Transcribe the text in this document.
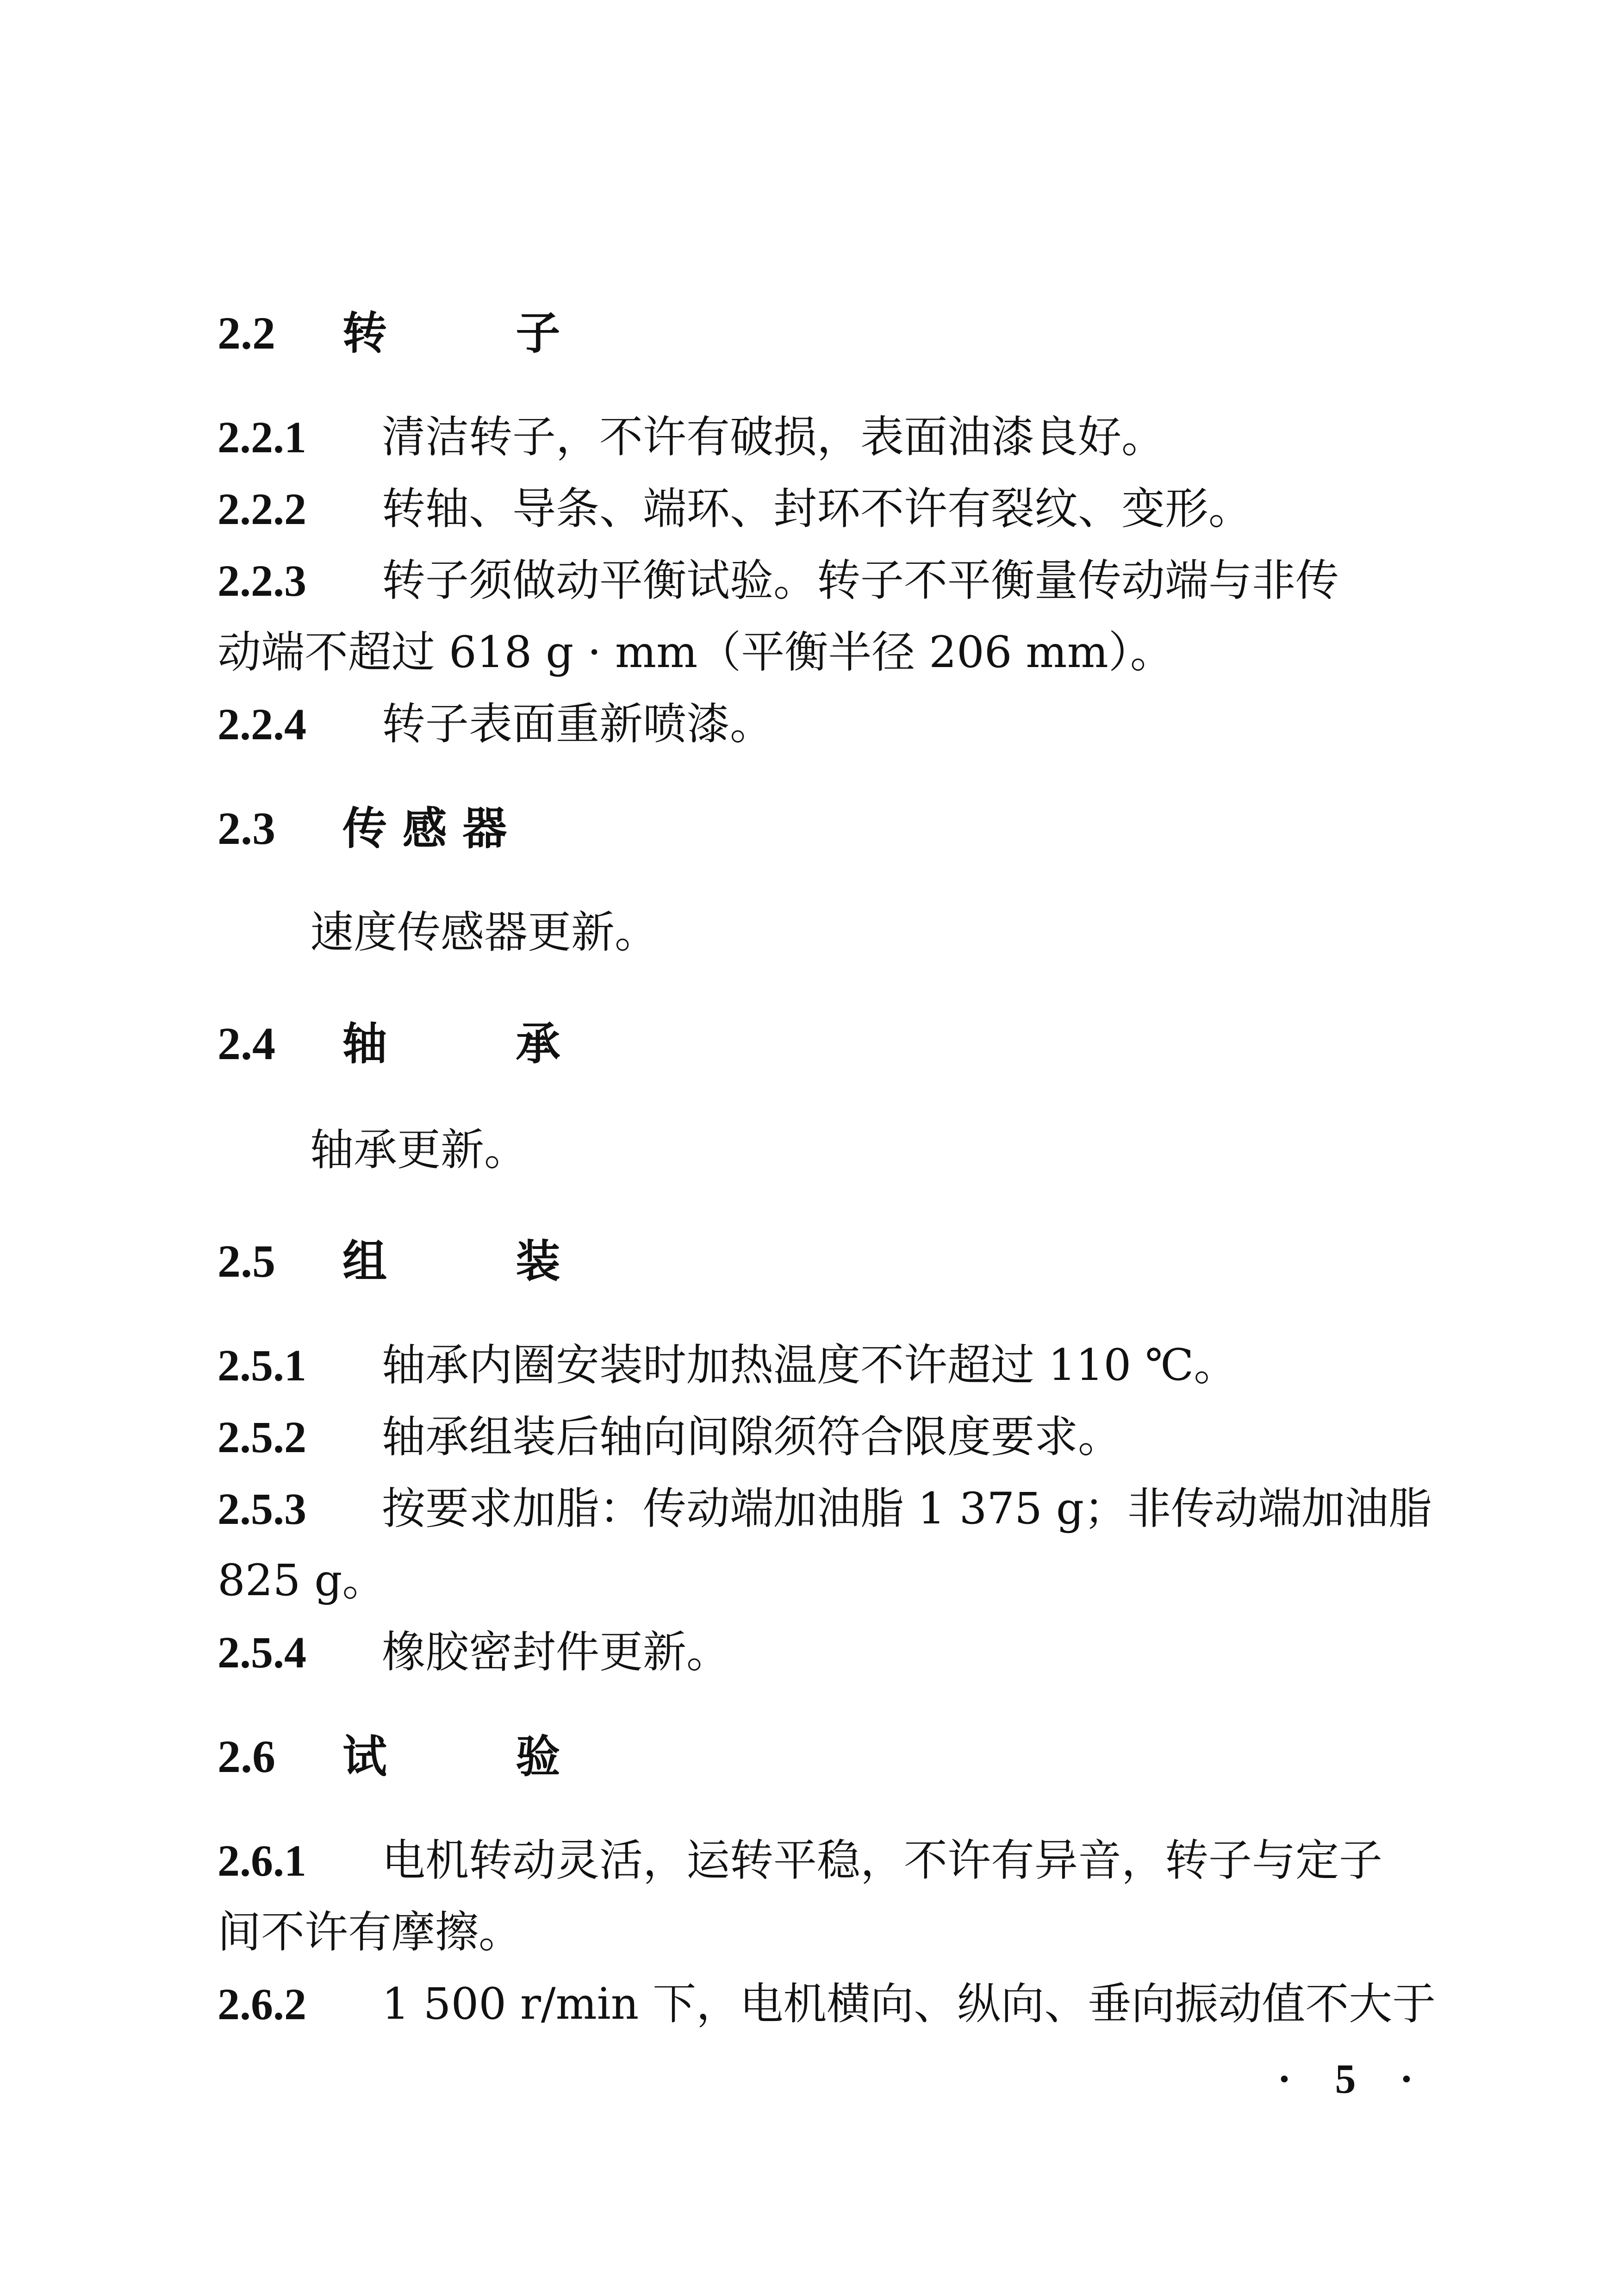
2.2 转　子
2.2.1 清洁转子，不许有破损，表面油漆良好。
2.2.2 转轴、导条、端环、封环不许有裂纹、变形。
2.2.3 转子须做动平衡试验。转子不平衡量传动端与非传
动端不超过 618 g · mm（平衡半径 206 mm）。
2.2.4 转子表面重新喷漆。
2.3 传感器
速度传感器更新。
2.4 轴　承
轴承更新。
2.5 组　装
2.5.1 轴承内圈安装时加热温度不许超过 110 ℃。
2.5.2 轴承组装后轴向间隙须符合限度要求。
2.5.3 按要求加脂：传动端加油脂 1 375 g；非传动端加油脂
825 g。
2.5.4 橡胶密封件更新。
2.6 试　验
2.6.1 电机转动灵活，运转平稳，不许有异音，转子与定子
间不许有摩擦。
2.6.2 1 500 r/min 下，电机横向、纵向、垂向振动值不大于
· 5 ·
